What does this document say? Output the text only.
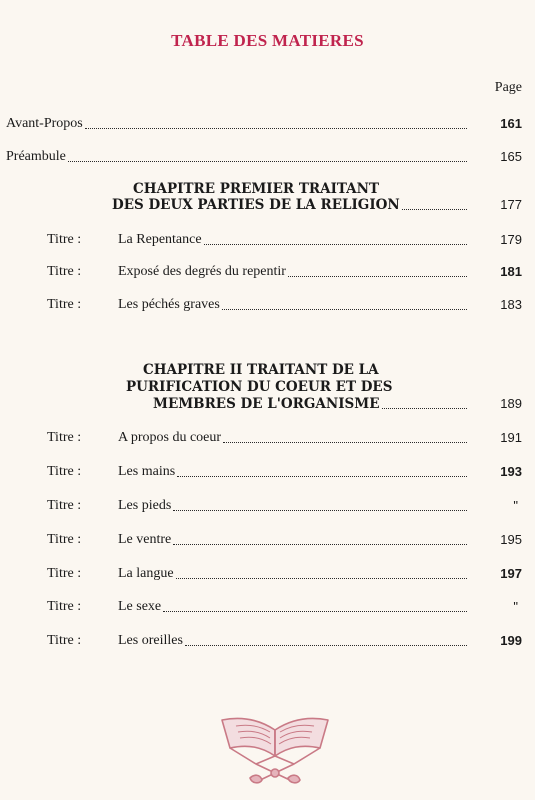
TABLE DES MATIERES
Page
Avant-Propos	161
Préambule	165
CHAPITRE PREMIER TRAITANT
DES DEUX PARTIES DE LA RELIGION	177
Titre :	La Repentance	179
Titre :	Exposé des degrés du repentir	181
Titre :	Les péchés graves	183
CHAPITRE II TRAITANT DE LA
PURIFICATION DU COEUR ET DES
MEMBRES DE L'ORGANISME	189
Titre :	A propos du coeur	191
Titre :	Les mains	193
Titre :	Les pieds	"
Titre :	Le ventre	195
Titre :	La langue	197
Titre :	Le sexe	"
Titre :	Les oreilles	199
